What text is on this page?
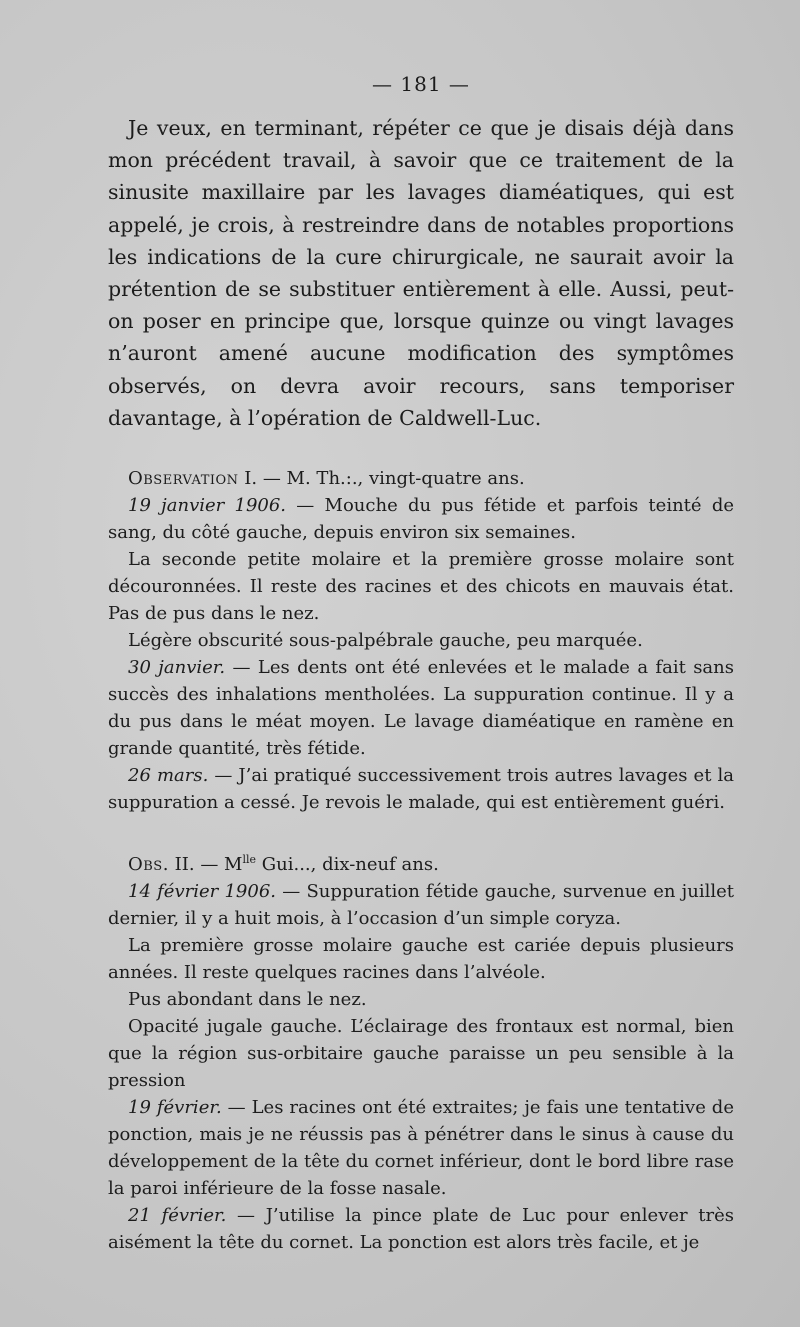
— 181 —

Je veux, en terminant, répéter ce que je disais déjà dans mon précédent travail, à savoir que ce traitement de la sinusite maxillaire par les lavages diaméatiques, qui est appelé, je crois, à restreindre dans de notables proportions les indications de la cure chirurgicale, ne saurait avoir la prétention de se substituer entièrement à elle. Aussi, peut-on poser en principe que, lorsque quinze ou vingt lavages n’auront amené aucune modification des symptômes observés, on devra avoir recours, sans temporiser davantage, à l’opération de Caldwell-Luc.

Observation I. — M. Th.:., vingt-quatre ans.

19 janvier 1906. — Mouche du pus fétide et parfois teinté de sang, du côté gauche, depuis environ six semaines.

La seconde petite molaire et la première grosse molaire sont découronnées. Il reste des racines et des chicots en mauvais état. Pas de pus dans le nez.

Légère obscurité sous-palpébrale gauche, peu marquée.

30 janvier. — Les dents ont été enlevées et le malade a fait sans succès des inhalations mentholées. La suppuration continue. Il y a du pus dans le méat moyen. Le lavage diaméatique en ramène en grande quantité, très fétide.

26 mars. — J’ai pratiqué successivement trois autres lavages et la suppuration a cessé. Je revois le malade, qui est entièrement guéri.

Obs. II. — $M^{lle}$ Gui..., dix-neuf ans.

14 février 1906. — Suppuration fétide gauche, survenue en juillet dernier, il y a huit mois, à l’occasion d’un simple coryza.

La première grosse molaire gauche est cariée depuis plusieurs années. Il reste quelques racines dans l’alvéole.

Pus abondant dans le nez.

Opacité jugale gauche. L’éclairage des frontaux est normal, bien que la région sus-orbitaire gauche paraisse un peu sensible à la pression

19 février. — Les racines ont été extraites; je fais une tentative de ponction, mais je ne réussis pas à pénétrer dans le sinus à cause du développement de la tête du cornet inférieur, dont le bord libre rase la paroi inférieure de la fosse nasale.

21 février. — J’utilise la pince plate de Luc pour enlever très aisément la tête du cornet. La ponction est alors très facile, et je
